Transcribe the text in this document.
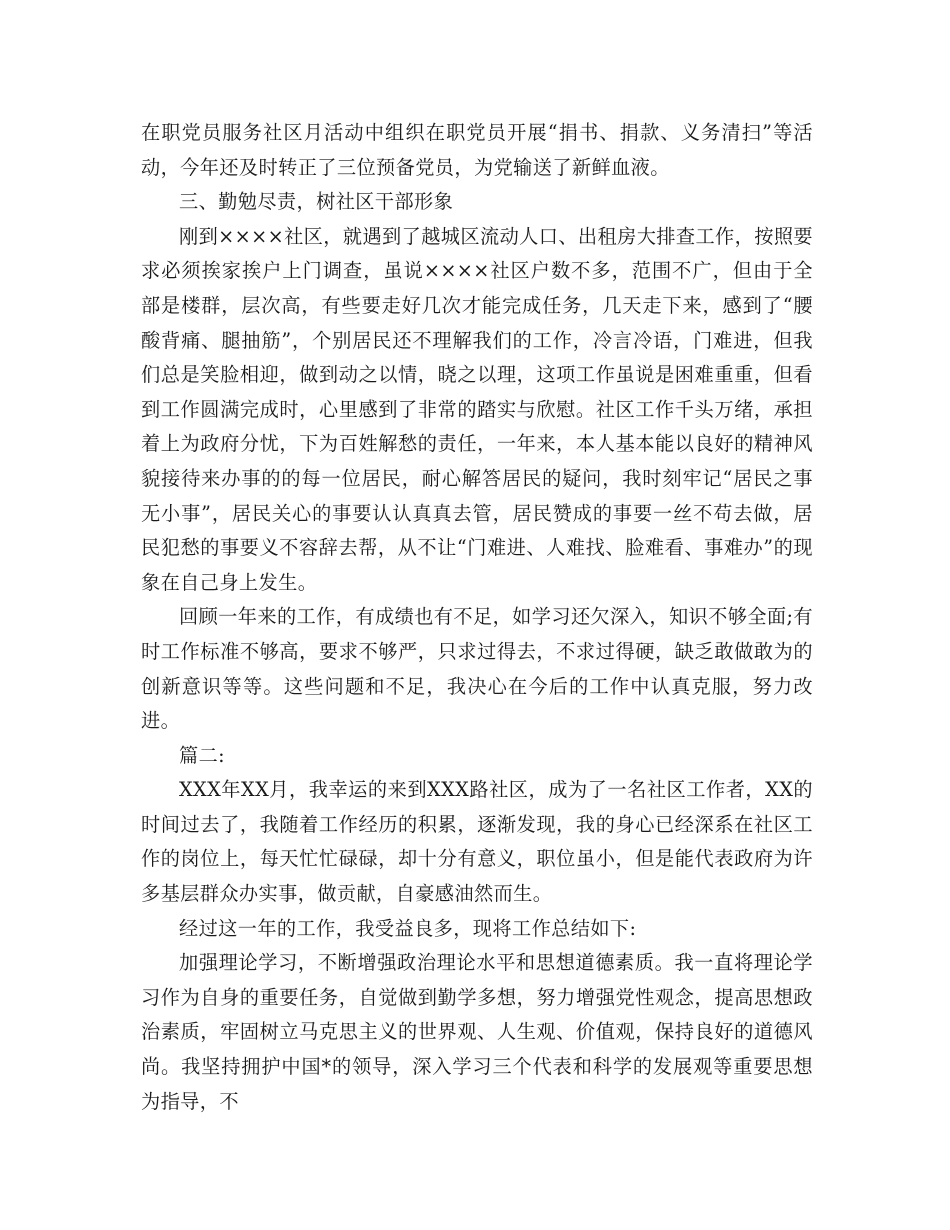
在职党员服务社区月活动中组织在职党员开展“捐书、捐款、义务清扫”等活动，今年还及时转正了三位预备党员，为党输送了新鲜血液。

三、勤勉尽责，树社区干部形象

刚到××××社区，就遇到了越城区流动人口、出租房大排查工作，按照要求必须挨家挨户上门调查，虽说××××社区户数不多，范围不广，但由于全部是楼群，层次高，有些要走好几次才能完成任务，几天走下来，感到了“腰酸背痛、腿抽筋”，个别居民还不理解我们的工作，冷言冷语，门难进，但我们总是笑脸相迎，做到动之以情，晓之以理，这项工作虽说是困难重重，但看到工作圆满完成时，心里感到了非常的踏实与欣慰。社区工作千头万绪，承担着上为政府分忧，下为百姓解愁的责任，一年来，本人基本能以良好的精神风貌接待来办事的的每一位居民，耐心解答居民的疑问，我时刻牢记“居民之事无小事”，居民关心的事要认认真真去管，居民赞成的事要一丝不苟去做，居民犯愁的事要义不容辞去帮，从不让“门难进、人难找、脸难看、事难办”的现象在自己身上发生。

回顾一年来的工作，有成绩也有不足，如学习还欠深入，知识不够全面;有时工作标准不够高，要求不够严，只求过得去，不求过得硬，缺乏敢做敢为的创新意识等等。这些问题和不足，我决心在今后的工作中认真克服，努力改进。

篇二:

XXX年XX月，我幸运的来到XXX路社区，成为了一名社区工作者，XX的时间过去了，我随着工作经历的积累，逐渐发现，我的身心已经深系在社区工作的岗位上，每天忙忙碌碌，却十分有意义，职位虽小，但是能代表政府为许多基层群众办实事，做贡献，自豪感油然而生。

经过这一年的工作，我受益良多，现将工作总结如下:

加强理论学习，不断增强政治理论水平和思想道德素质。我一直将理论学习作为自身的重要任务，自觉做到勤学多想，努力增强党性观念，提高思想政治素质，牢固树立马克思主义的世界观、人生观、价值观，保持良好的道德风尚。我坚持拥护中国*的领导，深入学习三个代表和科学的发展观等重要思想为指导，不
